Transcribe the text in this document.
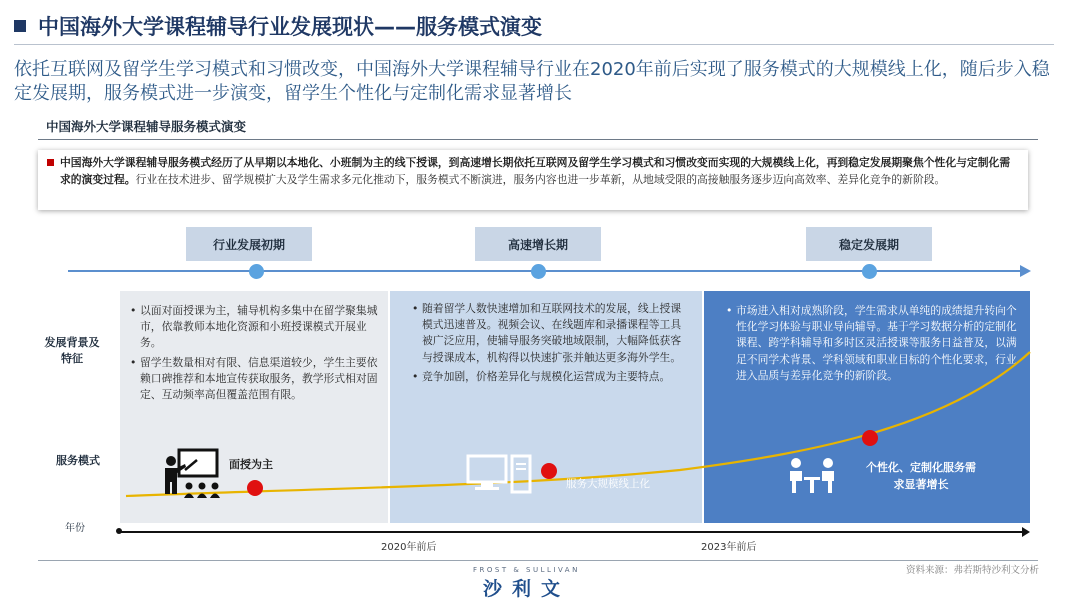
中国海外大学课程辅导行业发展现状——服务模式演变
依托互联网及留学生学习模式和习惯改变，中国海外大学课程辅导行业在2020年前后实现了服务模式的大规模线上化，随后步入稳定发展期，服务模式进一步演变，留学生个性化与定制化需求显著增长
中国海外大学课程辅导服务模式演变
中国海外大学课程辅导服务模式经历了从早期以本地化、小班制为主的线下授课，到高速增长期依托互联网及留学生学习模式和习惯改变而实现的大规模线上化，再到稳定发展期聚焦个性化与定制化需求的演变过程。行业在技术进步、留学规模扩大及学生需求多元化推动下，服务模式不断演进，服务内容也进一步革新，从地域受限的高接触服务逐步迈向高效率、差异化竞争的新阶段。
行业发展初期	高速增长期	稳定发展期
发展背景及特征
服务模式
年份
• 以面对面授课为主，辅导机构多集中在留学聚集城市，依靠教师本地化资源和小班授课模式开展业务。
• 留学生数量相对有限、信息渠道较少，学生主要依赖口碑推荐和本地宣传获取服务，教学形式相对固定、互动频率高但覆盖范围有限。
• 随着留学人数快速增加和互联网技术的发展，线上授课模式迅速普及。视频会议、在线题库和录播课程等工具被广泛应用，使辅导服务突破地域限制，大幅降低获客与授课成本，机构得以快速扩张并触达更多海外学生。
• 竞争加剧，价格差异化与规模化运营成为主要特点。
• 市场进入相对成熟阶段，学生需求从单纯的成绩提升转向个性化学习体验与职业导向辅导。基于学习数据分析的定制化课程、跨学科辅导和多时区灵活授课等服务日益普及，以满足不同学术背景、学科领域和职业目标的个性化要求，行业进入品质与差异化竞争的新阶段。
面授为主
服务大规模线上化
个性化、定制化服务需求显著增长
2020年前后	2023年前后
资料来源：弗若斯特沙利文分析
FROST & SULLIVAN
沙利文
